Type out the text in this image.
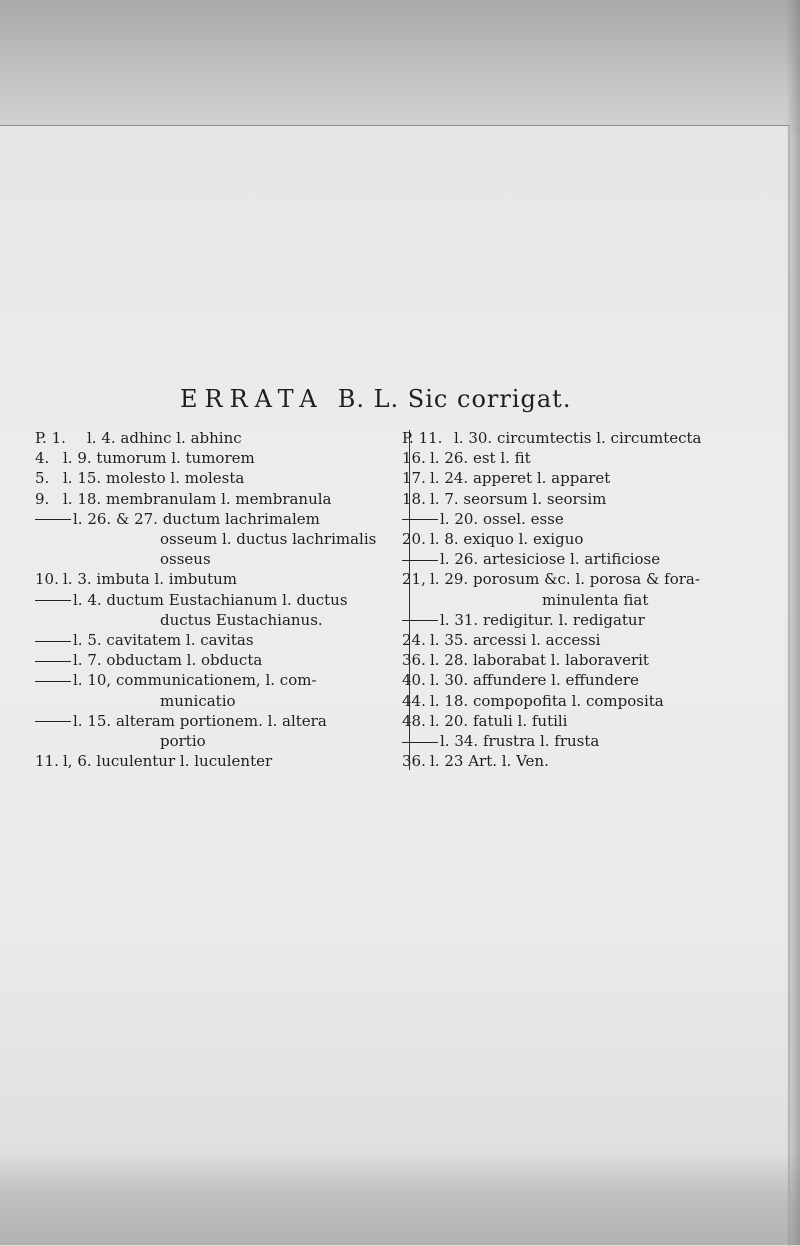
ERRATA B. L. Sic corrigat.
P. 1. l. 4. adhinc l. abhinc
4. l. 9. tumorum l. tumorem
5. l. 15. molesto l. molesta
9. l. 18. membranulam l. membranula
l. 26. & 27. ductum lachrimalem
osseum l. ductus lachrimalis
osseus
10. l. 3. imbuta l. imbutum
l. 4. ductum Eustachianum l. ductus
ductus Eustachianus.
l. 5. cavitatem l. cavitas
l. 7. obductam l. obducta
l. 10, communicationem, l. com-
municatio
l. 15. alteram portionem. l. altera
portio
11. l, 6. luculentur l. luculenter
P. 11. l. 30. circumtectis l. circumtecta
16. l. 26. est l. fit
17. l. 24. apperet l. apparet
18. l. 7. seorsum l. seorsim
l. 20. ossel. esse
20. l. 8. exiquo l. exiguo
l. 26. artesiciose l. artificiose
21, l. 29. porosum &c. l. porosa & fora-
minulenta fiat
l. 31. redigitur. l. redigatur
24. l. 35. arcessi l. accessi
36. l. 28. laborabat l. laboraverit
40. l. 30. affundere l. effundere
44. l. 18. compopofita l. composita
48. l. 20. fatuli l. futili
l. 34. frustra l. frusta
36. l. 23 Art. l. Ven.
